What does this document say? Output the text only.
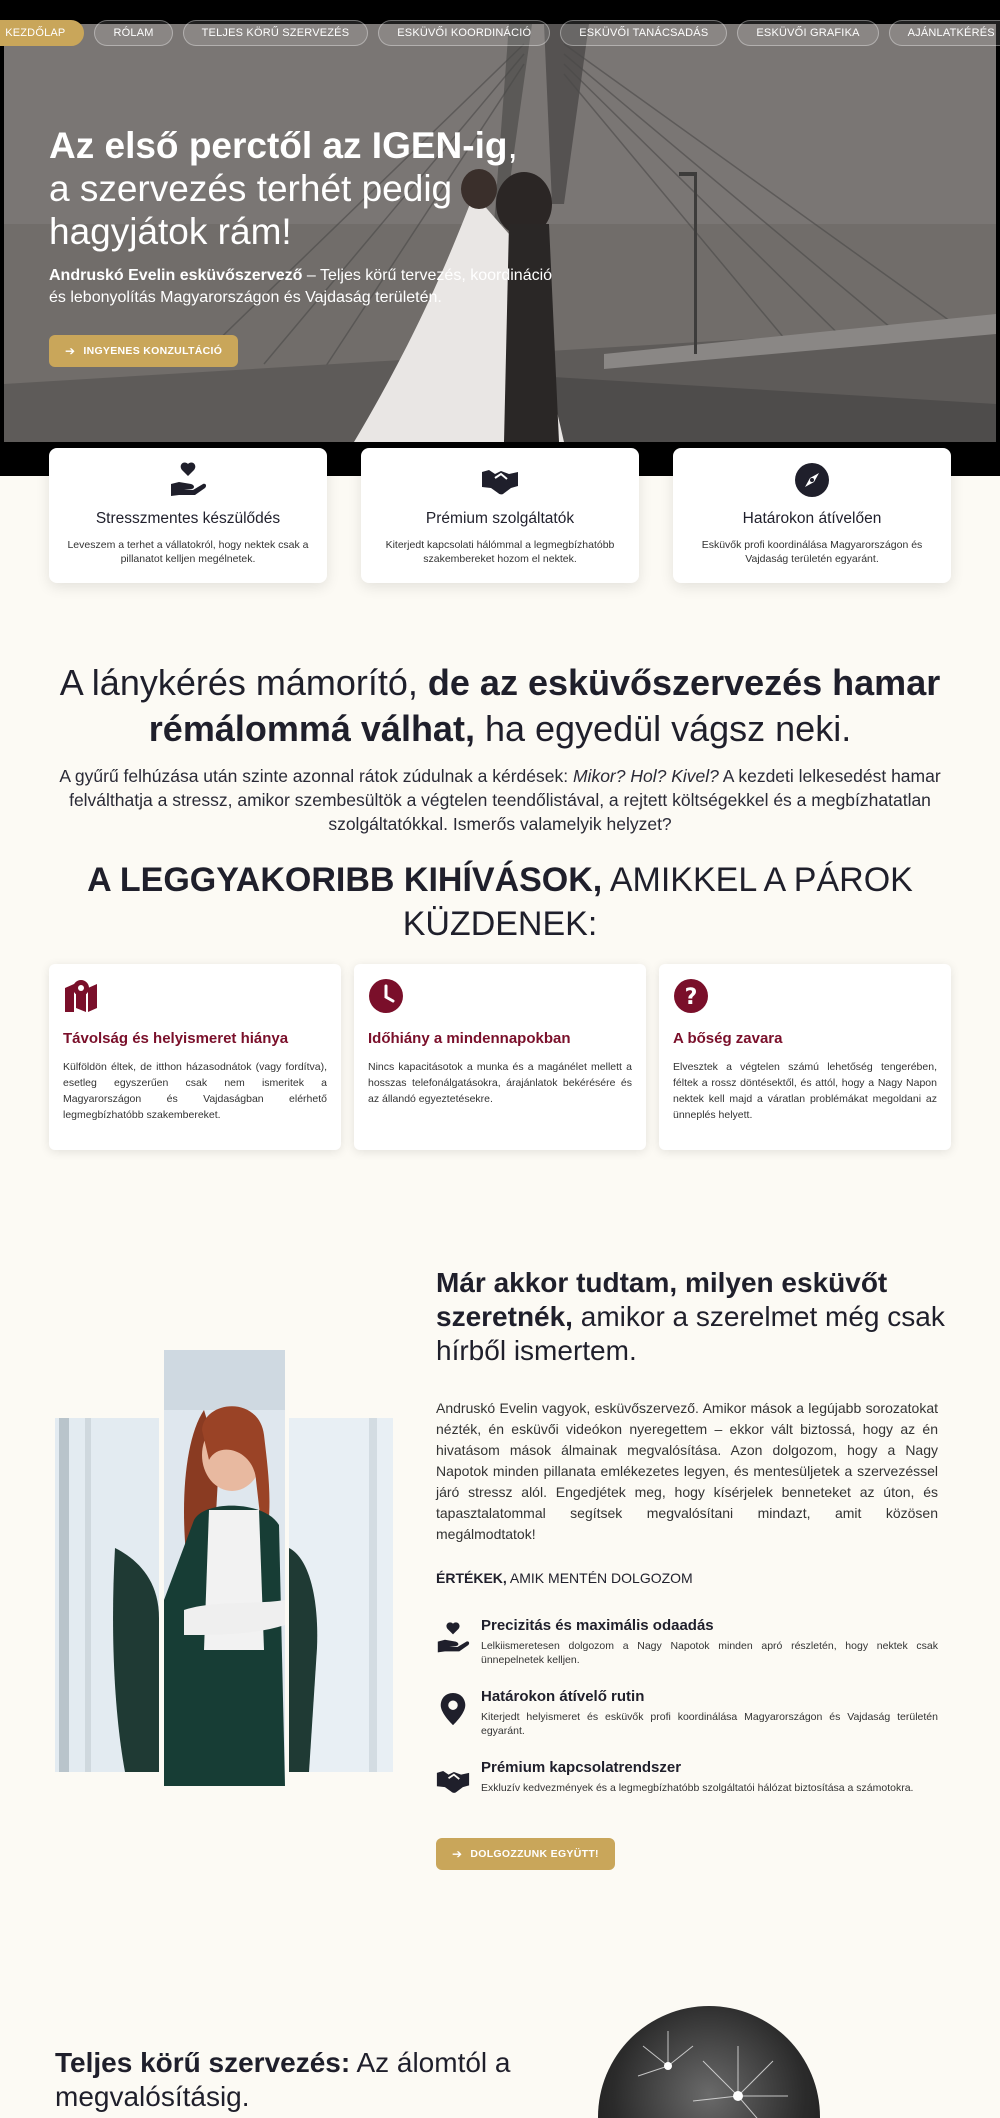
KEZDŐLAP	RÓLAM	TELJES KÖRŰ SZERVEZÉS	ESKÜVŐI KOORDINÁCIÓ	ESKÜVŐI TANÁCSADÁS	ESKÜVŐI GRAFIKA	AJÁNLATKÉRÉS
Az első perctől az IGEN-ig,
a szervezés terhét pedig
hagyjátok rám!

Andruskó Evelin esküvőszervező – Teljes körű tervezés, koordináció és lebonyolítás Magyarországon és Vajdaság területén.

➔ INGYENES KONZULTÁCIÓ
Stresszmentes készülődés

Leveszem a terhet a vállatokról, hogy nektek csak a pillanatot kelljen megélnetek.

Prémium szolgáltatók

Kiterjedt kapcsolati hálómmal a legmegbízhatóbb szakembereket hozom el nektek.

Határokon átívelően

Esküvők profi koordinálása Magyarországon és Vajdaság területén egyaránt.

A lánykérés mámorító, de az esküvőszervezés hamar rémálommá válhat, ha egyedül vágsz neki.

A gyűrű felhúzása után szinte azonnal rátok zúdulnak a kérdések: Mikor? Hol? Kivel? A kezdeti lelkesedést hamar felválthatja a stressz, amikor szembesültök a végtelen teendőlistával, a rejtett költségekkel és a megbízhatatlan szolgáltatókkal. Ismerős valamelyik helyzet?

A LEGGYAKORIBB KIHÍVÁSOK, AMIKKEL A PÁROK KÜZDENEK:
Távolság és helyismeret hiánya

Külföldön éltek, de itthon házasodnátok (vagy fordítva), esetleg egyszerűen csak nem ismeritek a Magyarországon és Vajdaságban elérhető legmegbízhatóbb szakembereket.

Időhiány a mindennapokban

Nincs kapacitásotok a munka és a magánélet mellett a hosszas telefonálgatásokra, árajánlatok bekérésére és az állandó egyeztetésekre.

?
A bőség zavara

Elvesztek a végtelen számú lehetőség tengerében, féltek a rossz döntésektől, és attól, hogy a Nagy Napon nektek kell majd a váratlan problémákat megoldani az ünneplés helyett.

Már akkor tudtam, milyen esküvőt szeretnék, amikor a szerelmet még csak hírből ismertem.

Andruskó Evelin vagyok, esküvőszervező. Amikor mások a legújabb sorozatokat nézték, én esküvői videókon nyeregettem – ekkor vált biztossá, hogy az én hivatásom mások álmainak megvalósítása. Azon dolgozom, hogy a Nagy Napotok minden pillanata emlékezetes legyen, és mentesüljetek a szervezéssel járó stressz alól. Engedjétek meg, hogy kísérjelek benneteket az úton, és tapasztalatommal segítsek megvalósítani mindazt, amit közösen megálmodtatok!

ÉRTÉKEK, AMIK MENTÉN DOLGOZOM
Precizitás és maximális odaadás

Lelkiismeretesen dolgozom a Nagy Napotok minden apró részletén, hogy nektek csak ünnepelnetek kelljen.

Határokon átívelő rutin

Kiterjedt helyismeret és esküvők profi koordinálása Magyarországon és Vajdaság területén egyaránt.

Prémium kapcsolatrendszer

Exkluzív kedvezmények és a legmegbízhatóbb szolgáltatói hálózat biztosítása a számotokra.

➔ DOLGOZZUNK EGYÜTT!
Teljes körű szervezés: Az álomtól a megvalósításig.
